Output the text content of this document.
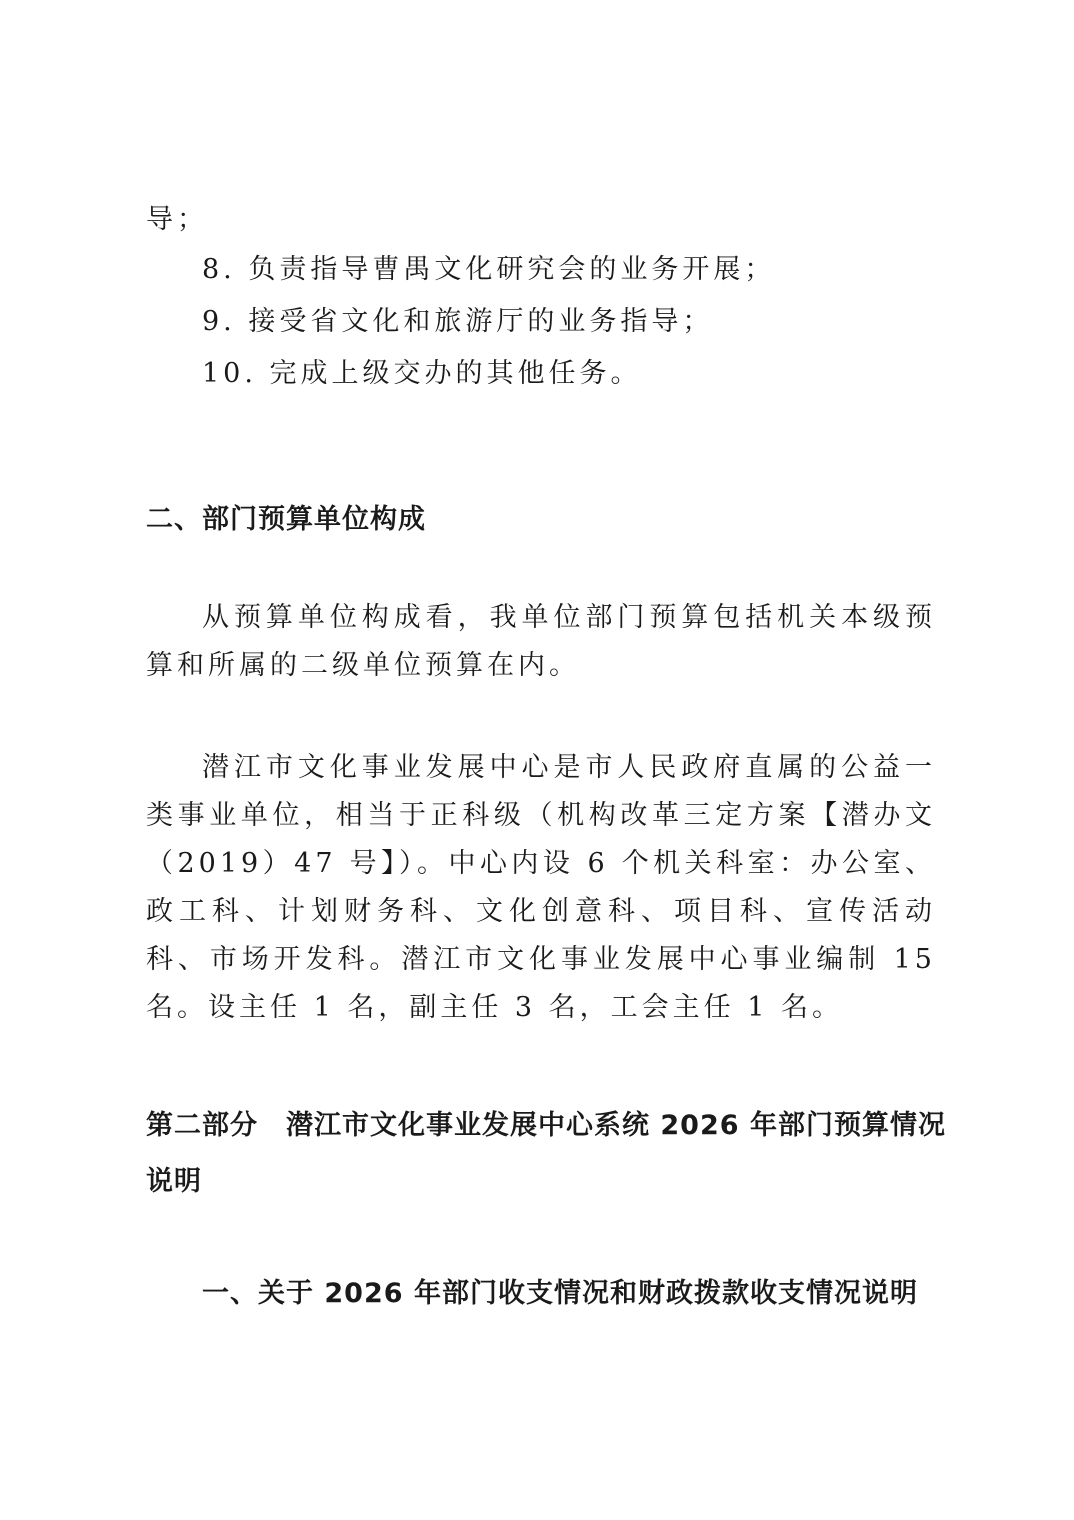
导；
8. 负责指导曹禺文化研究会的业务开展；
9. 接受省文化和旅游厅的业务指导；
10. 完成上级交办的其他任务。
二、部门预算单位构成
从预算单位构成看，我单位部门预算包括机关本级预算和所属的二级单位预算在内。
潜江市文化事业发展中心是市人民政府直属的公益一类事业单位，相当于正科级（机构改革三定方案【潜办文（2019）47 号】）。中心内设 6 个机关科室：办公室、政工科、计划财务科、文化创意科、项目科、宣传活动科、市场开发科。潜江市文化事业发展中心事业编制 15 名。设主任 1 名，副主任 3 名，工会主任 1 名。
第二部分　潜江市文化事业发展中心系统 2026 年部门预算情况说明
一、关于 2026 年部门收支情况和财政拨款收支情况说明
